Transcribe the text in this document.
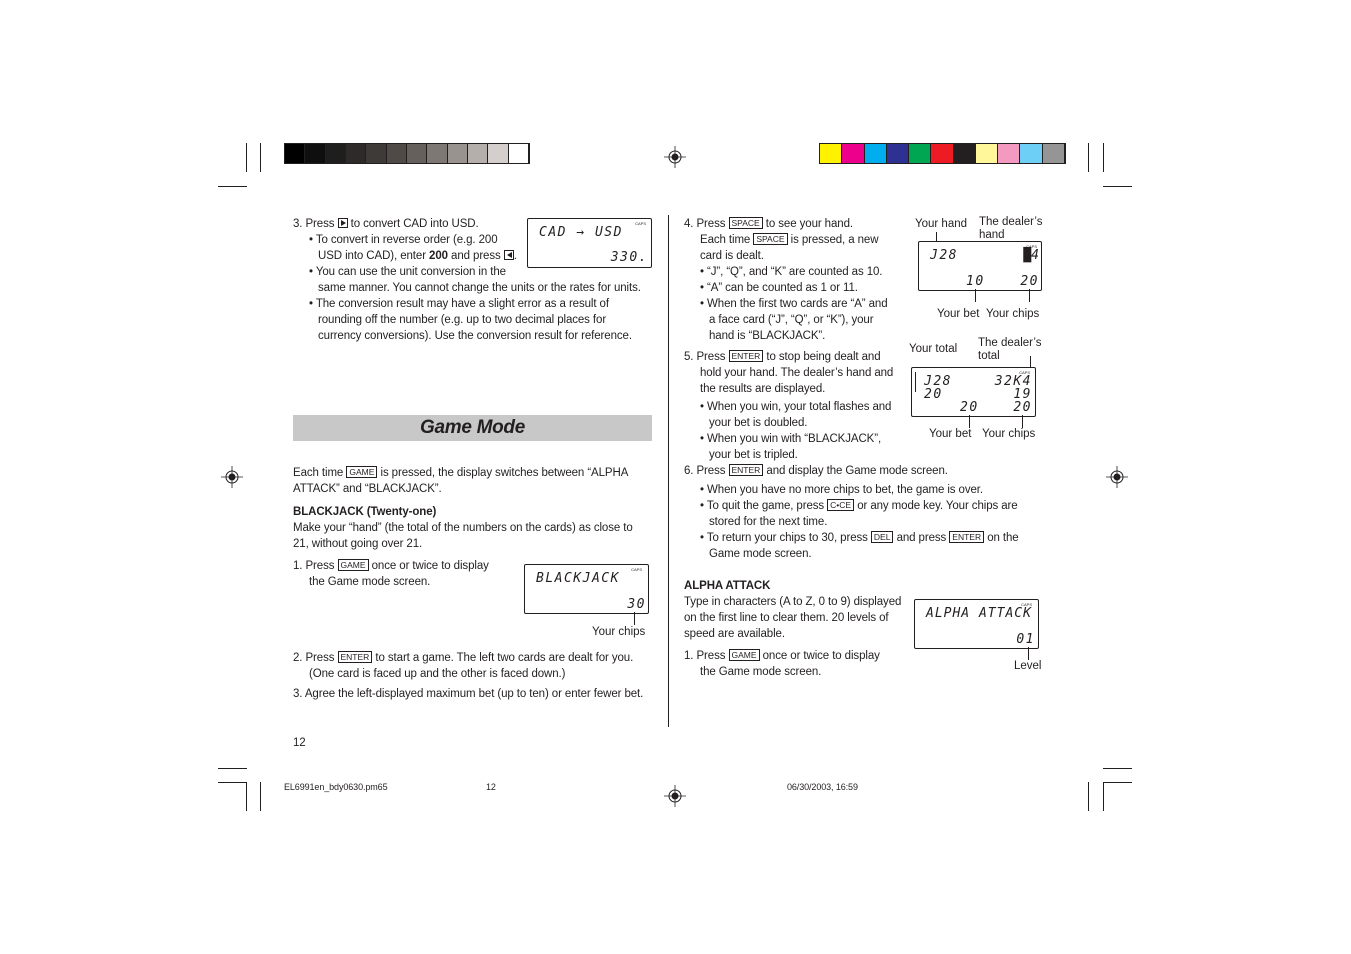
3. Press to convert CAD into USD.
• To convert in reverse order (e.g. 200
USD into CAD), enter 200 and press .
• You can use the unit conversion in the
same manner. You cannot change the units or the rates for units.
• The conversion result may have a slight error as a result of
rounding off the number (e.g. up to two decimal places for
currency conversions). Use the conversion result for reference.
CAPS
CAD → USD
330.
Game Mode
Each time GAME is pressed, the display switches between “ALPHA
ATTACK” and “BLACKJACK”.
BLACKJACK (Twenty-one)
Make your “hand” (the total of the numbers on the cards) as close to
21, without going over 21.
1. Press GAME once or twice to display
the Game mode screen.
CAPS
BLACKJACK
30
Your chips
2. Press ENTER to start a game. The left two cards are dealt for you.
(One card is faced up and the other is faced down.)
3. Agree the left-displayed maximum bet (up to ten) or enter fewer bet.
12
4. Press SPACE to see your hand.
Each time SPACE is pressed, a new
card is dealt.
• “J”, “Q”, and “K” are counted as 10.
• “A” can be counted as 1 or 11.
• When the first two cards are “A” and
a face card (“J”, “Q”, or “K”), your
hand is “BLACKJACK”.
Your hand The dealer’s
hand
CAPS
J28	█4
10	20
Your bet Your chips
5. Press ENTER to stop being dealt and
hold your hand. The dealer’s hand and
the results are displayed.
• When you win, your total flashes and
your bet is doubled.
• When you win with “BLACKJACK”,
your bet is tripled.
Your total The dealer’s
total
CAPS
J28	32K4
20	19
20	20
Your bet Your chips
6. Press ENTER and display the Game mode screen.
• When you have no more chips to bet, the game is over.
• To quit the game, press C•CE or any mode key. Your chips are
stored for the next time.
• To return your chips to 30, press DEL and press ENTER on the
Game mode screen.
ALPHA ATTACK
Type in characters (A to Z, 0 to 9) displayed
on the first line to clear them. 20 levels of
speed are available.
1. Press GAME once or twice to display
the Game mode screen.
CAPS
ALPHA ATTACK
01
Level
EL6991en_bdy0630.pm65	12	06/30/2003, 16:59
